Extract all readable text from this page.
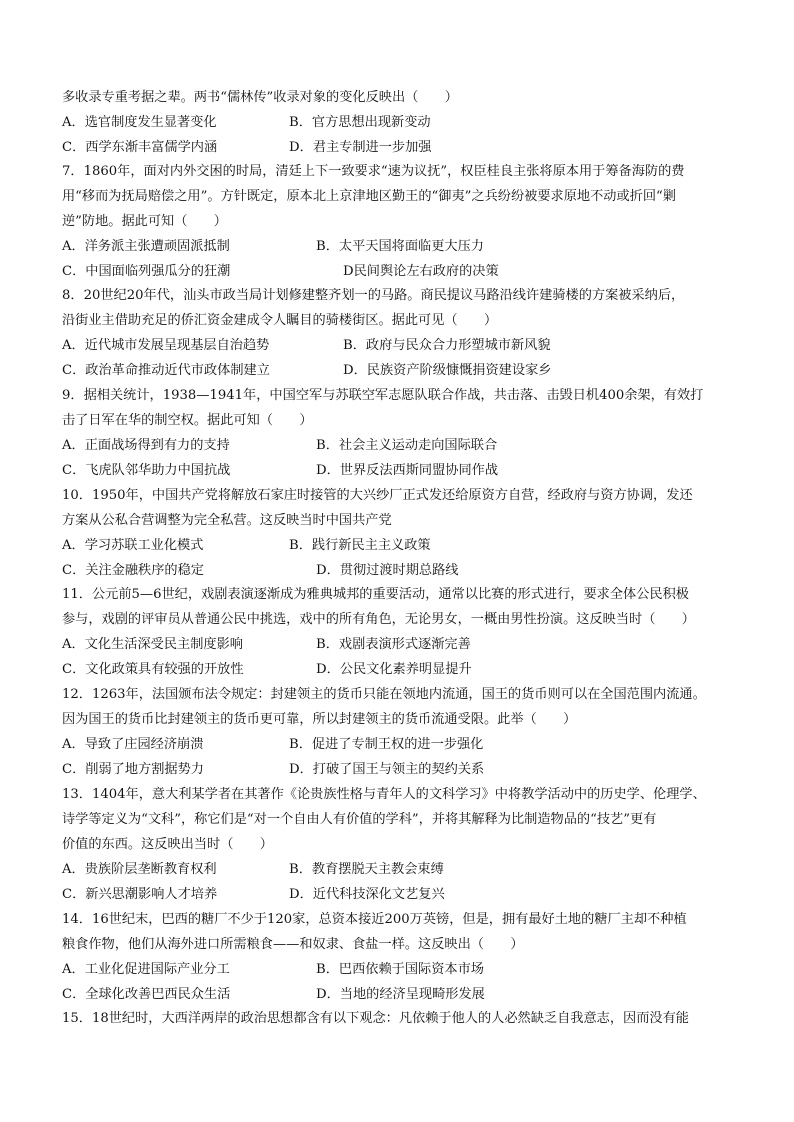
多收录专重考据之辈。两书“儒林传”收录对象的变化反映出（　　）
A．选官制度发生显著变化	B．官方思想出现新变动
C．西学东渐丰富儒学内涵	D．君主专制进一步加强
7．1860年，面对内外交困的时局，清廷上下一致要求“速为议抚”，权臣桂良主张将原本用于筹备海防的费
用“移而为抚局赔偿之用”。方针既定，原本北上京津地区勤王的“御夷”之兵纷纷被要求原地不动或折回“剿
逆”防地。据此可知（　　）
A．洋务派主张遭顽固派抵制	B．太平天国将面临更大压力
C．中国面临列强瓜分的狂潮	D民间舆论左右政府的决策
8．20世纪20年代，汕头市政当局计划修建整齐划一的马路。商民提议马路沿线许建骑楼的方案被采纳后，
沿街业主借助充足的侨汇资金建成令人瞩目的骑楼街区。据此可见（　　）
A．近代城市发展呈现基层自治趋势	B．政府与民众合力形塑城市新风貌
C．政治革命推动近代市政体制建立	D．民族资产阶级慷慨捐资建设家乡
9．据相关统计，1938—1941年，中国空军与苏联空军志愿队联合作战，共击落、击毁日机400余架，有效打
击了日军在华的制空权。据此可知（　　）
A．正面战场得到有力的支持	B．社会主义运动走向国际联合
C．飞虎队邻华助力中国抗战	D．世界反法西斯同盟协同作战
10．1950年，中国共产党将解放石家庄时接管的大兴纱厂正式发还给原资方自营，经政府与资方协调，发还
方案从公私合营调整为完全私营。这反映当时中国共产党
A．学习苏联工业化模式	B．践行新民主主义政策
C．关注金融秩序的稳定	D．贯彻过渡时期总路线
11．公元前5—6世纪，戏剧表演逐渐成为雅典城邦的重要活动，通常以比赛的形式进行，要求全体公民积极
参与，戏剧的评审员从普通公民中挑选，戏中的所有角色，无论男女，一概由男性扮演。这反映当时（　　）
A．文化生活深受民主制度影响	B．戏剧表演形式逐渐完善
C．文化政策具有较强的开放性	D．公民文化素养明显提升
12．1263年，法国颁布法令规定：封建领主的货币只能在领地内流通，国王的货币则可以在全国范围内流通。
因为国王的货币比封建领主的货币更可靠，所以封建领主的货币流通受限。此举（　　）
A．导致了庄园经济崩溃	B．促进了专制王权的进一步强化
C．削弱了地方割据势力	D．打破了国王与领主的契约关系
13．1404年，意大利某学者在其著作《论贵族性格与青年人的文科学习》中将教学活动中的历史学、伦理学、
诗学等定义为“文科”，称它们是“对一个自由人有价值的学科”，并将其解释为比制造物品的“技艺”更有
价值的东西。这反映出当时（　　）
A．贵族阶层垄断教育权利	B．教育摆脱天主教会束缚
C．新兴思潮影响人才培养	D．近代科技深化文艺复兴
14．16世纪末，巴西的糖厂不少于120家，总资本接近200万英镑，但是，拥有最好土地的糖厂主却不种植
粮食作物，他们从海外进口所需粮食——和奴隶、食盐一样。这反映出（　　）
A．工业化促进国际产业分工	B．巴西依赖于国际资本市场
C．全球化改善巴西民众生活	D．当地的经济呈现畸形发展
15．18世纪时，大西洋两岸的政治思想都含有以下观念：凡依赖于他人的人必然缺乏自我意志，因而没有能
